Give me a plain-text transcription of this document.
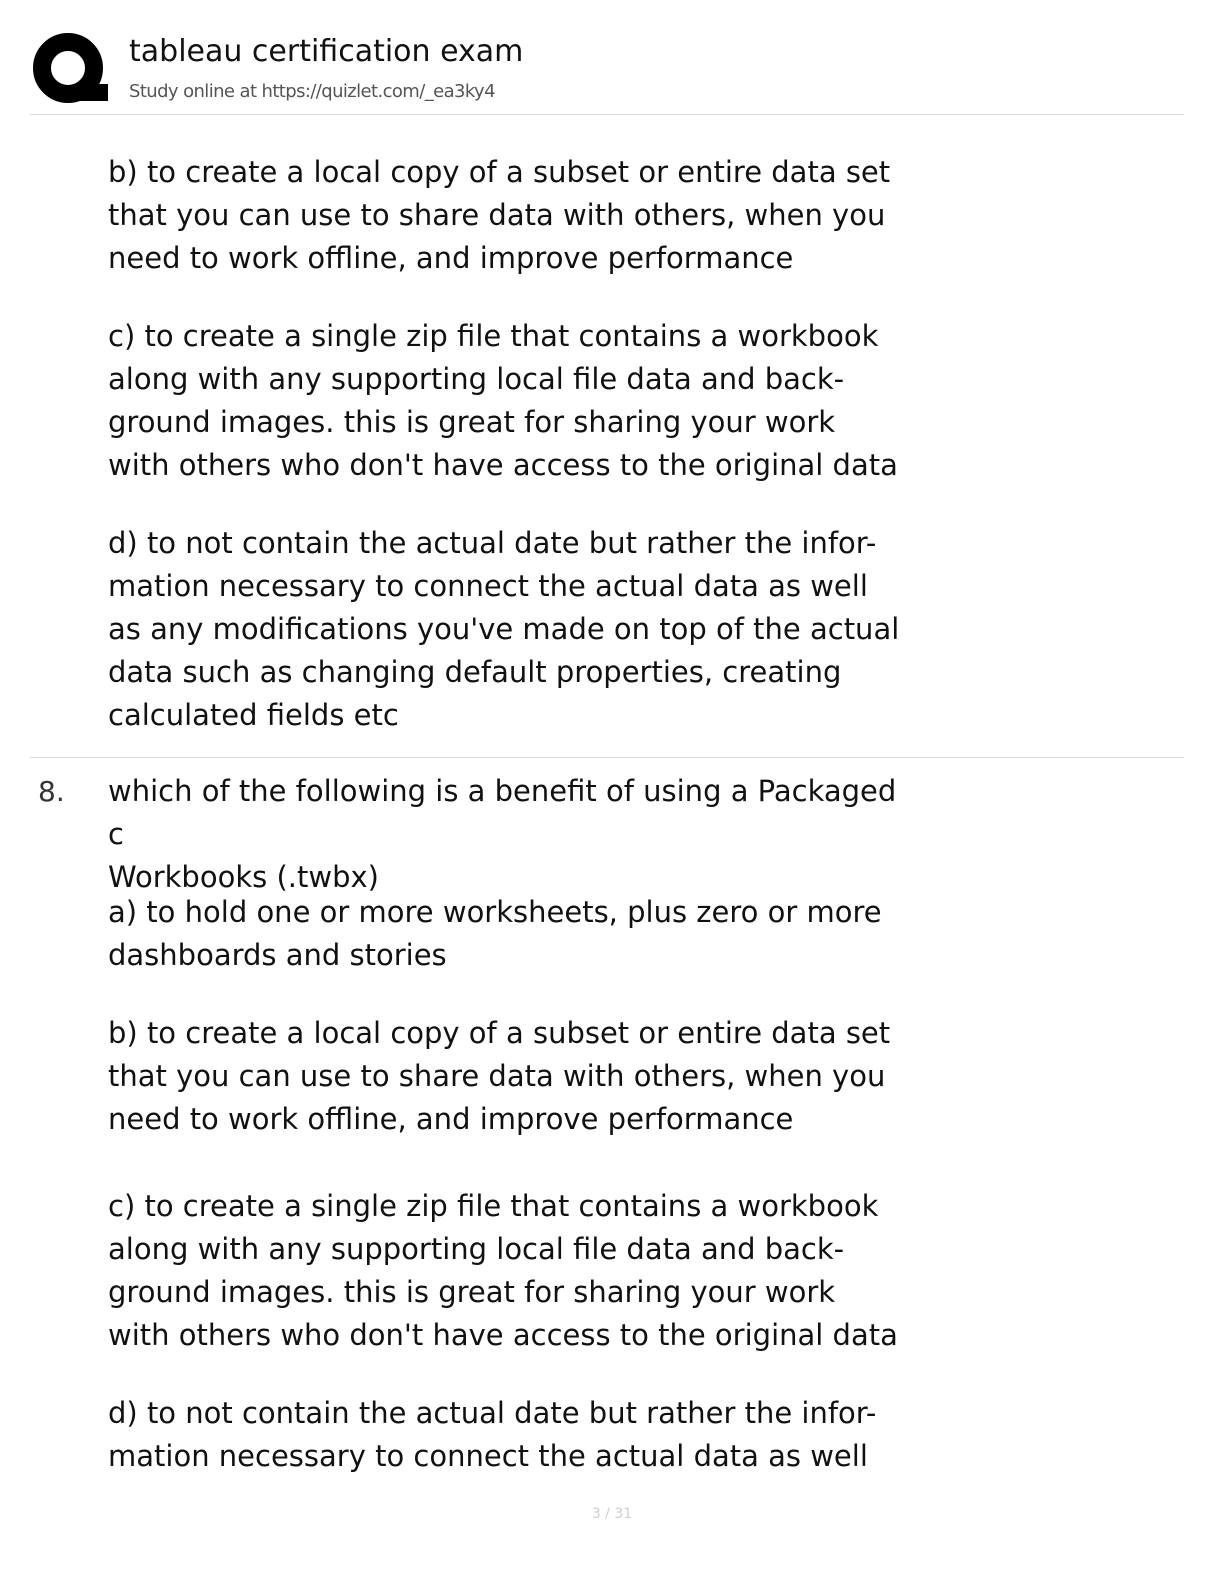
tableau certification exam
Study online at https://quizlet.com/_ea3ky4
b) to create a local copy of a subset or entire data set
that you can use to share data with others, when you
need to work offline, and improve performance
c) to create a single zip file that contains a workbook
along with any supporting local file data and back-
ground images. this is great for sharing your work
with others who don't have access to the original data
d) to not contain the actual date but rather the infor-
mation necessary to connect the actual data as well
as any modifications you've made on top of the actual
data such as changing default properties, creating
calculated fields etc
8. which of the following is a benefit of using a Packaged c
Workbooks (.twbx)
a) to hold one or more worksheets, plus zero or more
dashboards and stories
b) to create a local copy of a subset or entire data set
that you can use to share data with others, when you
need to work offline, and improve performance
c) to create a single zip file that contains a workbook
along with any supporting local file data and back-
ground images. this is great for sharing your work
with others who don't have access to the original data
d) to not contain the actual date but rather the infor-
mation necessary to connect the actual data as well
3 / 31
